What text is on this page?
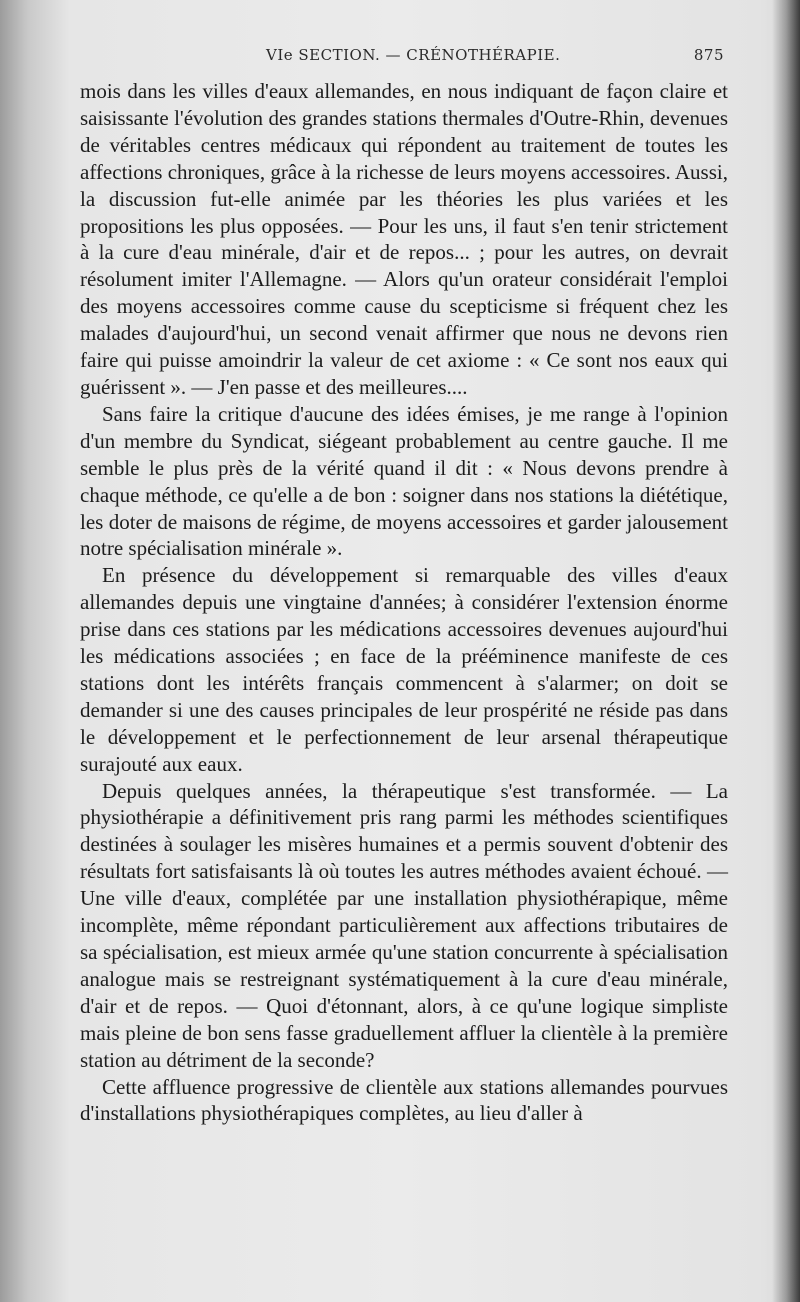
VIe SECTION. — CRÉNOTHÉRAPIE.	875

mois dans les villes d'eaux allemandes, en nous indiquant de façon claire et saisissante l'évolution des grandes stations thermales d'Outre-Rhin, devenues de véritables centres médicaux qui répondent au traitement de toutes les affections chroniques, grâce à la richesse de leurs moyens accessoires. Aussi, la discussion fut-elle animée par les théories les plus variées et les propositions les plus opposées. — Pour les uns, il faut s'en tenir strictement à la cure d'eau minérale, d'air et de repos... ; pour les autres, on devrait résolument imiter l'Allemagne. — Alors qu'un orateur considérait l'emploi des moyens accessoires comme cause du scepticisme si fréquent chez les malades d'aujourd'hui, un second venait affirmer que nous ne devons rien faire qui puisse amoindrir la valeur de cet axiome : « Ce sont nos eaux qui guérissent ». — J'en passe et des meilleures....

Sans faire la critique d'aucune des idées émises, je me range à l'opinion d'un membre du Syndicat, siégeant probablement au centre gauche. Il me semble le plus près de la vérité quand il dit : « Nous devons prendre à chaque méthode, ce qu'elle a de bon : soigner dans nos stations la diététique, les doter de maisons de régime, de moyens accessoires et garder jalousement notre spécialisation minérale ».

En présence du développement si remarquable des villes d'eaux allemandes depuis une vingtaine d'années; à considérer l'extension énorme prise dans ces stations par les médications accessoires devenues aujourd'hui les médications associées ; en face de la prééminence manifeste de ces stations dont les intérêts français commencent à s'alarmer; on doit se demander si une des causes principales de leur prospérité ne réside pas dans le développement et le perfectionnement de leur arsenal thérapeutique surajouté aux eaux.

Depuis quelques années, la thérapeutique s'est transformée. — La physiothérapie a définitivement pris rang parmi les méthodes scientifiques destinées à soulager les misères humaines et a permis souvent d'obtenir des résultats fort satisfaisants là où toutes les autres méthodes avaient échoué. — Une ville d'eaux, complétée par une installation physiothérapique, même incomplète, même répondant particulièrement aux affections tributaires de sa spécialisation, est mieux armée qu'une station concurrente à spécialisation analogue mais se restreignant systématiquement à la cure d'eau minérale, d'air et de repos. — Quoi d'étonnant, alors, à ce qu'une logique simpliste mais pleine de bon sens fasse graduellement affluer la clientèle à la première station au détriment de la seconde?

Cette affluence progressive de clientèle aux stations allemandes pourvues d'installations physiothérapiques complètes, au lieu d'aller à
